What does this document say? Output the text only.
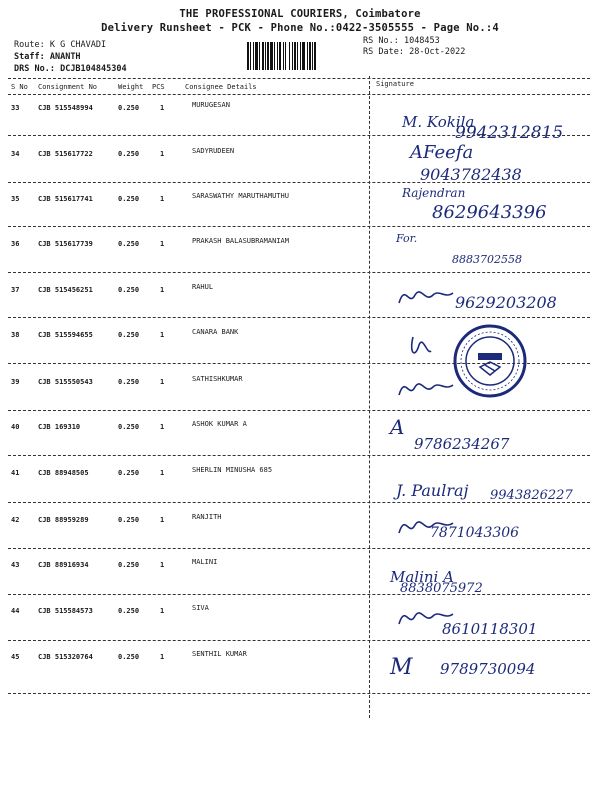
THE PROFESSIONAL COURIERS, Coimbatore
Delivery Runsheet - PCK - Phone No.:0422-3505555 - Page No.:4
Route: K G CHAVADI
Staff: ANANTH
DRS No.: DCJB104845304
RS No.: 1048453
RS Date: 28-Oct-2022
S No Consignment No	Weight PCS	Consignee Details	Signature
33	CJB 515548994	0.250	1	MURUGESAN
M. Kokila
9942312815
34	CJB 515617722	0.250	1	SADYRUDEEN	AFeefa
9043782438
35	CJB 515617741	0.250	1	SARASWATHY MARUTHAMUTHU	Rajendran
8629643396
36	CJB 515617739	0.250	1	PRAKASH BALASUBRAMANIAM	For.
8883702558
37	CJB 515456251	0.250	1	RAHUL
9629203208
38	CJB 515594655	0.250	1	CANARA BANK
39	CJB 515550543	0.250	1	SATHISHKUMAR
40	CJB 169310	0.250	1	ASHOK KUMAR A	A
9786234267
41	CJB 88948505	0.250	1	SHERLIN MINUSHA 685
J. Paulraj 9943826227
42	CJB 88959289	0.250	1	RANJITH
7871043306
43	CJB 88916934	0.250	1	MALINI
Malini A
8838075972
44	CJB 515584573	0.250	1	SIVA
8610118301
45	CJB 515320764	0.250	1	SENTHIL KUMAR
M 9789730094
